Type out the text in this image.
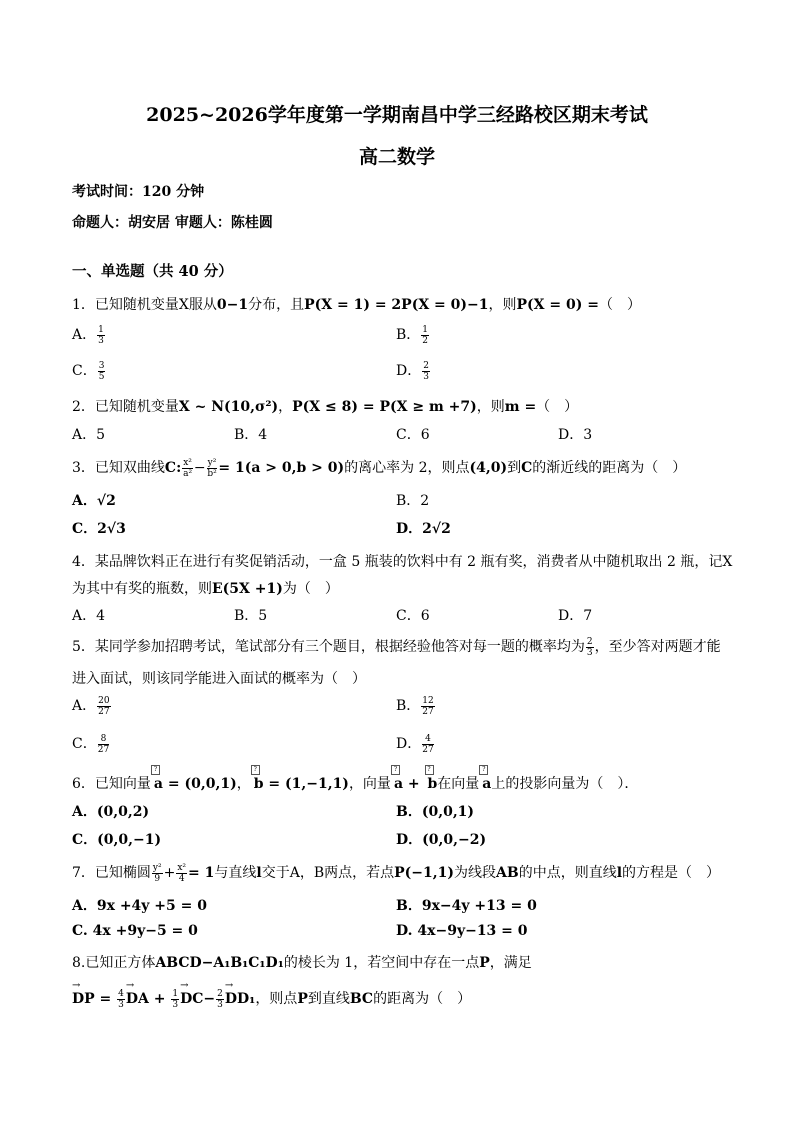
2025~2026学年度第一学期南昌中学三经路校区期末考试
高二数学
考试时间：120 分钟
命题人：胡安居 审题人：陈桂圆
一、单选题（共 40 分）
1．已知随机变量X服从0−1分布，且P(X = 1) = 2P(X = 0)−1，则P(X = 0) =（　）
A． $\frac{1}{3}$	B． $\frac{1}{2}$
C． $\frac{3}{5}$	D． $\frac{2}{3}$
2．已知随机变量X ~ N(10,σ²)，P(X ≤ 8) = P(X ≥ m +7)，则m =（　）
A．5	B．4	C．6	D．3
3．已知双曲线C: $\frac{\text{x²}}{\text{a²}} - \frac{\text{y²}}{\text{b²}} = 1(a > 0,b > 0)$的离心率为 2，则点(4,0)到C的渐近线的距离为（　）
A．√2	B．2
C．2√3	D．2√2
4．某品牌饮料正在进行有奖促销活动，一盒 5 瓶装的饮料中有 2 瓶有奖，消费者从中随机取出 2 瓶，记X
为其中有奖的瓶数，则E(5X +1)为（　）
A．4	B．5	C．6	D．7
5．某同学参加招聘考试，笔试部分有三个题目，根据经验他答对每一题的概率均为 $\frac{2}{3}$ ，至少答对两题才能
进入面试，则该同学能进入面试的概率为（　）
A． $\frac{20}{27}$	B． $\frac{12}{27}$
C． $\frac{8}{27}$	D． $\frac{4}{27}$
6．已知向量?a = (0,0,1)，?b = (1,−1,1)，向量?a + ?b在向量?a上的投影向量为（　）．
A．(0,0,2)	B．(0,0,1)
C．(0,0,−1)	D．(0,0,−2)
7．已知椭圆 $\frac{\text{y²}}{9} + \frac{\text{x²}}{4} = 1$与直线l交于A，B两点，若点P(−1,1)为线段AB的中点，则直线l的方程是（　）
A．9x +4y +5 = 0	B．9x−4y +13 = 0
C. 4x +9y−5 = 0	D. 4x−9y−13 = 0
8.已知正方体ABCD−A₁B₁C₁D₁的棱长为 1，若空间中存在一点P，满足
→ DP = $\frac{4}{3}$
→ DA + $\frac{1}{3}$
→ $DC- \frac{2}{3}$
→ DD₁，则点P到直线BC的距离为（　）
